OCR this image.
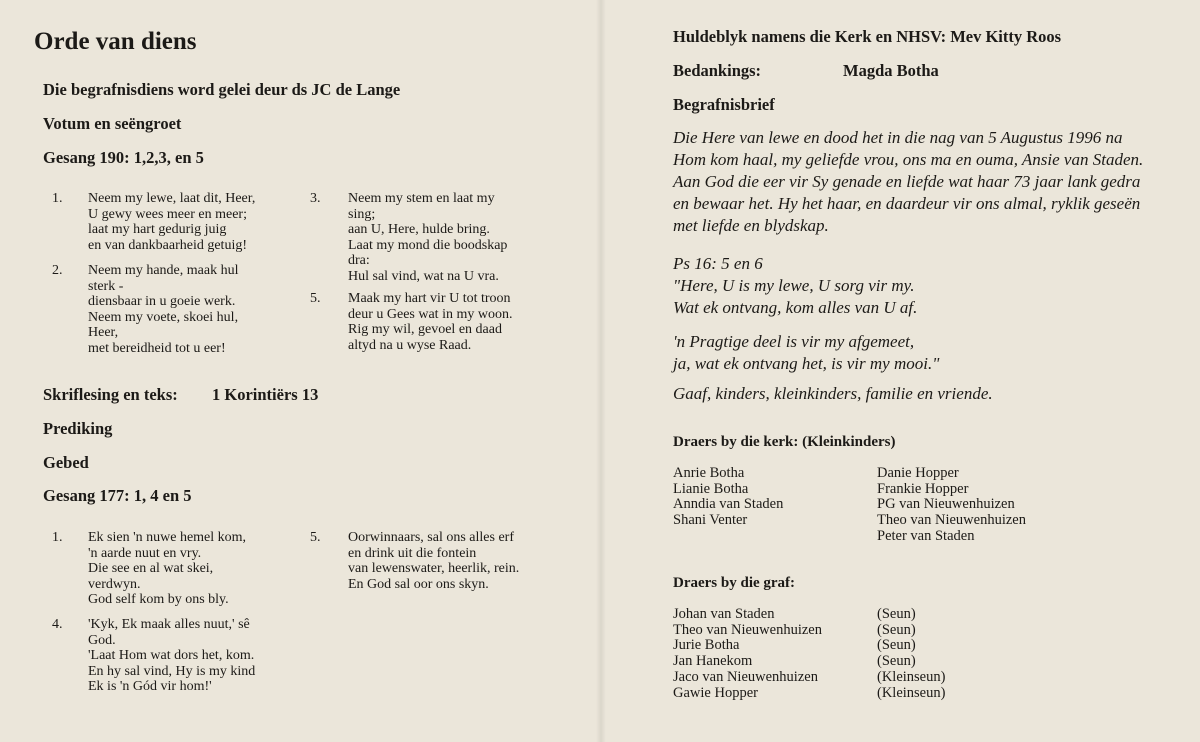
Orde van diens
Die begrafnisdiens word gelei deur ds JC de Lange
Votum en seëngroet
Gesang 190: 1,2,3, en 5
1. Neem my lewe, laat dit, Heer,
U gewy wees meer en meer;
laat my hart gedurig juig
en van dankbaarheid getuig!
2. Neem my hande, maak hul
sterk -
diensbaar in u goeie werk.
Neem my voete, skoei hul,
Heer,
met bereidheid tot u eer!
3. Neem my stem en laat my
sing;
aan U, Here, hulde bring.
Laat my mond die boodskap
dra:
Hul sal vind, wat na U vra.
5. Maak my hart vir U tot troon
deur u Gees wat in my woon.
Rig my wil, gevoel en daad
altyd na u wyse Raad.
Skriflesing en teks: 1 Korintiërs 13
Prediking
Gebed
Gesang 177: 1, 4 en 5
1. Ek sien 'n nuwe hemel kom,
'n aarde nuut en vry.
Die see en al wat skei,
verdwyn.
God self kom by ons bly.
4. 'Kyk, Ek maak alles nuut,' sê
God.
'Laat Hom wat dors het, kom.
En hy sal vind, Hy is my kind
Ek is 'n Gód vir hom!'
5. Oorwinnaars, sal ons alles erf
en drink uit die fontein
van lewenswater, heerlik, rein.
En God sal oor ons skyn.
Huldeblyk namens die Kerk en NHSV: Mev Kitty Roos
Bedankings:	Magda Botha
Begrafnisbrief
Die Here van lewe en dood het in die nag van 5 Augustus 1996 na
Hom kom haal, my geliefde vrou, ons ma en ouma, Ansie van Staden.
Aan God die eer vir Sy genade en liefde wat haar 73 jaar lank gedra
en bewaar het. Hy het haar, en daardeur vir ons almal, ryklik geseën
met liefde en blydskap.
Ps 16: 5 en 6
"Here, U is my lewe, U sorg vir my.
Wat ek ontvang, kom alles van U af.
'n Pragtige deel is vir my afgemeet,
ja, wat ek ontvang het, is vir my mooi."
Gaaf, kinders, kleinkinders, familie en vriende.
Draers by die kerk: (Kleinkinders)
Anrie Botha
Lianie Botha
Anndia van Staden
Shani Venter
Danie Hopper
Frankie Hopper
PG van Nieuwenhuizen
Theo van Nieuwenhuizen
Peter van Staden
Draers by die graf:
Johan van Staden
Theo van Nieuwenhuizen
Jurie Botha
Jan Hanekom
Jaco van Nieuwenhuizen
Gawie Hopper
(Seun)
(Seun)
(Seun)
(Seun)
(Kleinseun)
(Kleinseun)
